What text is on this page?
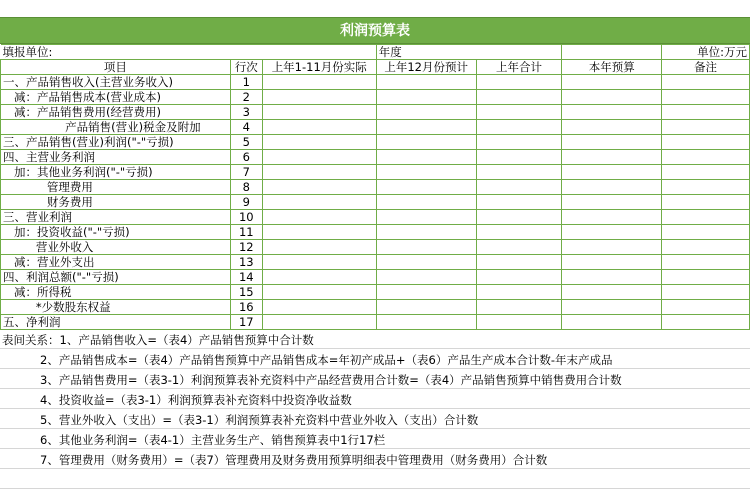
利润预算表
填报单位:			年度			单位:万元
项目	行次	上年1-11月份实际	上年12月份预计	上年合计	本年预算	备注
一、产品销售收入(主营业务收入)	1					
减：产品销售成本(营业成本)	2					
减：产品销售费用(经营费用)	3					
产品销售(营业)税金及附加	4					
三、产品销售(营业)利润("-"亏损)	5					
四、主营业务利润	6					
加：其他业务利润("-"亏损)	7					
管理费用	8					
财务费用	9					
三、营业利润	10					
加：投资收益("-"亏损)	11					
营业外收入	12					
减：营业外支出	13					
四、利润总额("-"亏损)	14					
减：所得税	15					
*少数股东权益	16					
五、净利润	17					
表间关系：1、产品销售收入=（表4）产品销售预算中合计数
2、产品销售成本=（表4）产品销售预算中产品销售成本=年初产成品+（表6）产品生产成本合计数-年末产成品
3、产品销售费用=（表3-1）利润预算表补充资料中产品经营费用合计数=（表4）产品销售预算中销售费用合计数
4、投资收益=（表3-1）利润预算表补充资料中投资净收益数
5、营业外收入（支出）=（表3-1）利润预算表补充资料中营业外收入（支出）合计数
6、其他业务利润=（表4-1）主营业务生产、销售预算表中1行17栏
7、管理费用（财务费用）=（表7）管理费用及财务费用预算明细表中管理费用（财务费用）合计数
